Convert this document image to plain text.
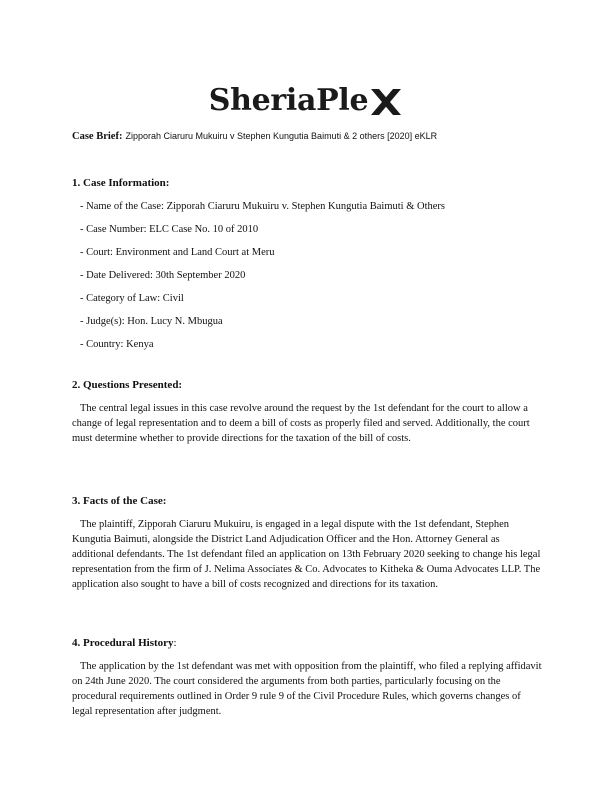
SheriaPle
Case Brief: Zipporah Ciaruru Mukuiru v Stephen Kungutia Baimuti & 2 others [2020] eKLR
1. Case Information:
- Name of the Case: Zipporah Ciaruru Mukuiru v. Stephen Kungutia Baimuti & Others
- Case Number: ELC Case No. 10 of 2010
- Court: Environment and Land Court at Meru
- Date Delivered: 30th September 2020
- Category of Law: Civil
- Judge(s): Hon. Lucy N. Mbugua
- Country: Kenya
2. Questions Presented:

The central legal issues in this case revolve around the request by the 1st defendant for the court to allow a change of legal representation and to deem a bill of costs as properly filed and served. Additionally, the court must determine whether to provide directions for the taxation of the bill of costs.

3. Facts of the Case:

The plaintiff, Zipporah Ciaruru Mukuiru, is engaged in a legal dispute with the 1st defendant, Stephen Kungutia Baimuti, alongside the District Land Adjudication Officer and the Hon. Attorney General as additional defendants. The 1st defendant filed an application on 13th February 2020 seeking to change his legal representation from the firm of J. Nelima Associates & Co. Advocates to Kitheka & Ouma Advocates LLP. The application also sought to have a bill of costs recognized and directions for its taxation.

4. Procedural History:

The application by the 1st defendant was met with opposition from the plaintiff, who filed a replying affidavit on 24th June 2020. The court considered the arguments from both parties, particularly focusing on the procedural requirements outlined in Order 9 rule 9 of the Civil Procedure Rules, which governs changes of legal representation after judgment.
